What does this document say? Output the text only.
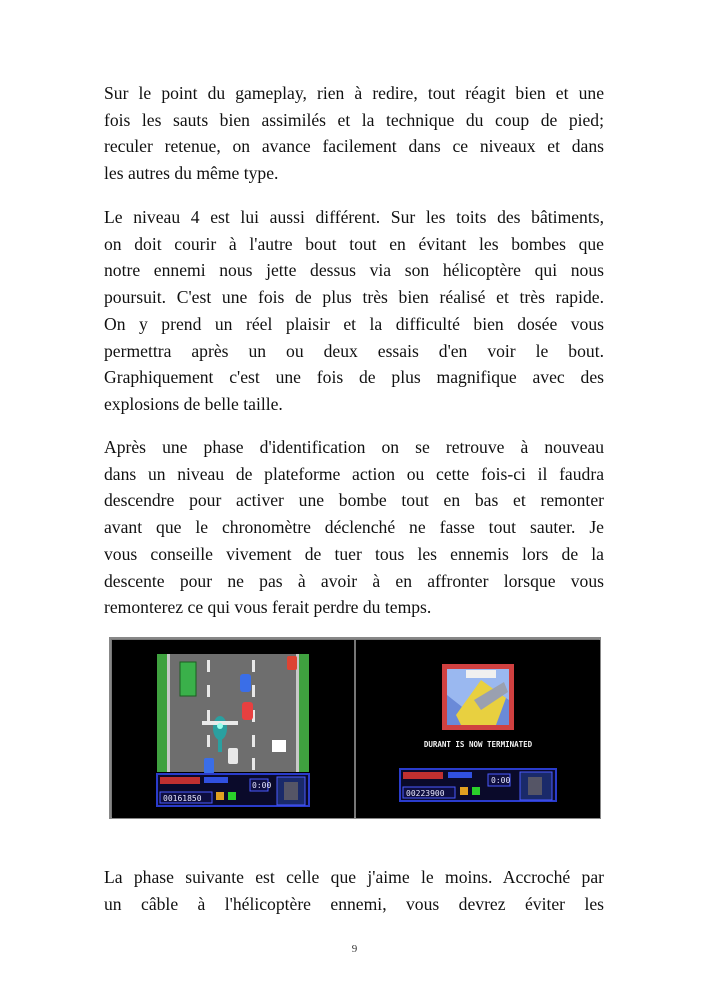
Sur le point du gameplay, rien à redire, tout réagit bien et une
fois les sauts bien assimilés et la technique du coup de pied;
reculer retenue, on avance facilement dans ce niveaux et dans
les autres du même type.
Le niveau 4 est lui aussi différent. Sur les toits des bâtiments,
on doit courir à l'autre bout tout en évitant les bombes que
notre ennemi nous jette dessus via son hélicoptère qui nous
poursuit. C'est une fois de plus très bien réalisé et très rapide.
On y prend un réel plaisir et la difficulté bien dosée vous
permettra après un ou deux essais d'en voir le bout.
Graphiquement c'est une fois de plus magnifique avec des
explosions de belle taille.
Après une phase d'identification on se retrouve à nouveau
dans un niveau de plateforme action ou cette fois-ci il faudra
descendre pour activer une bombe tout en bas et remonter
avant que le chronomètre déclenché ne fasse tout sauter. Je
vous conseille vivement de tuer tous les ennemis lors de la
descente pour ne pas à avoir à en affronter lorsque vous
remonterez ce qui vous ferait perdre du temps.
0:00
00161850
DURANT IS NOW TERMINATED
0:00
00223900
La phase suivante est celle que j'aime le moins. Accroché par
un câble à l'hélicoptère ennemi, vous devrez éviter les
9
